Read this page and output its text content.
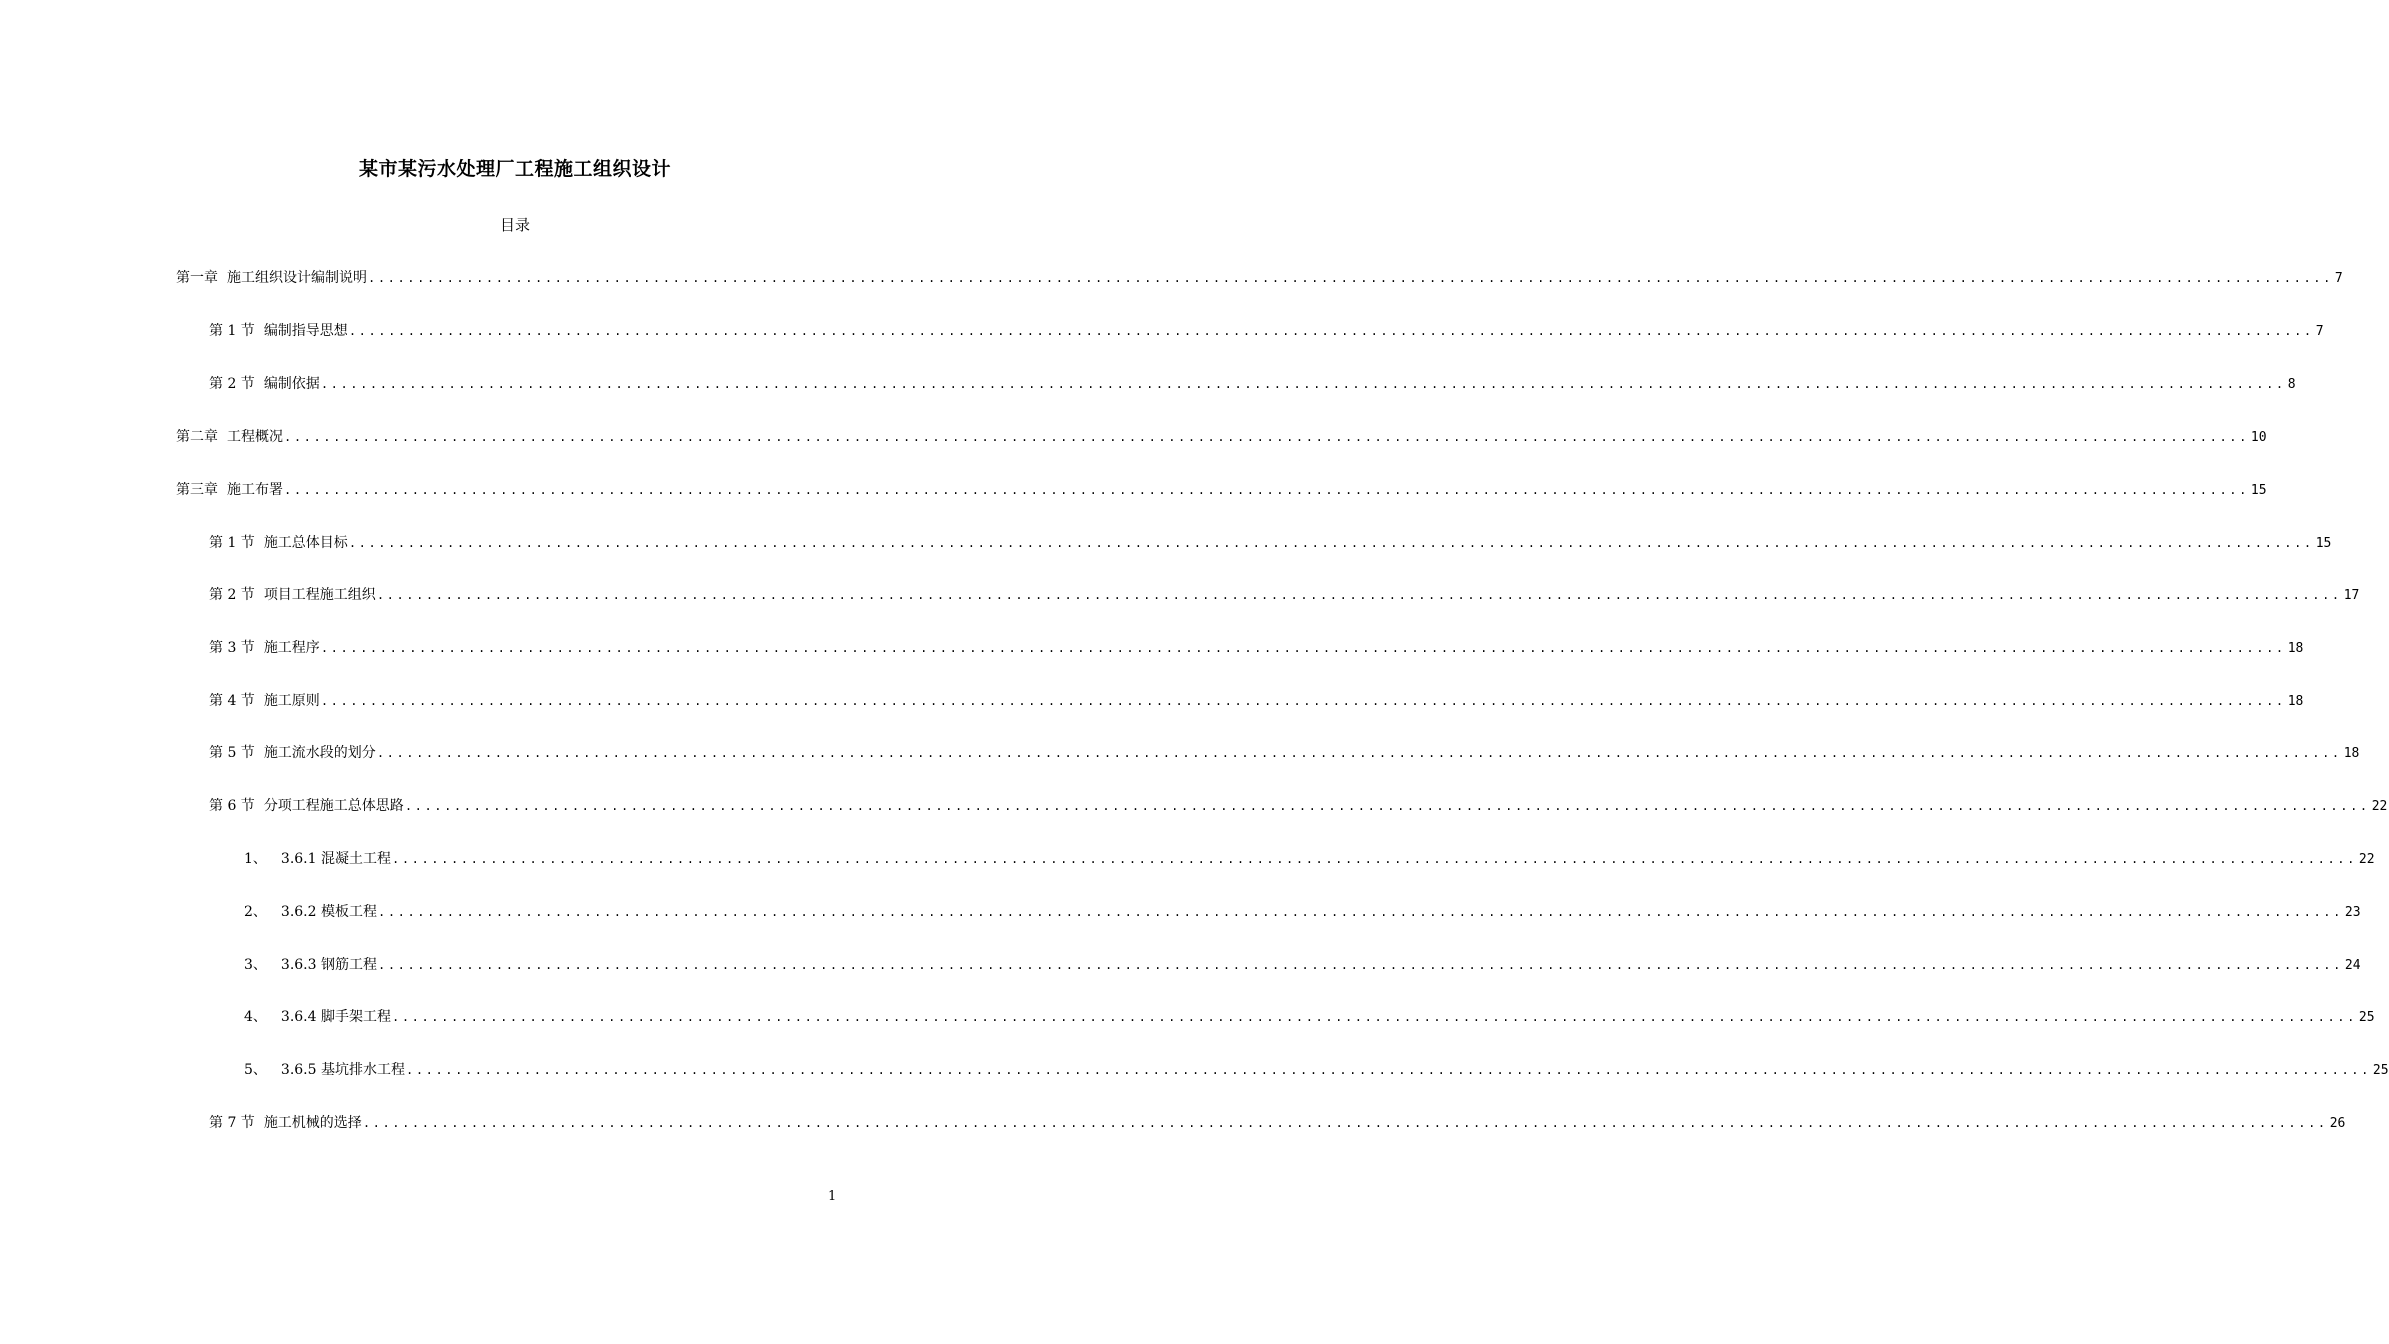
某市某污水处理厂工程施工组织设计
目录
第一章 施工组织设计编制说明 ........................................................................................................................................................................................................ 7
第 1 节 编制指导思想 ........................................................................................................................................................................................................ 7
第 2 节 编制依据 ........................................................................................................................................................................................................ 8
第二章 工程概况 ........................................................................................................................................................................................................ 10
第三章 施工布署 ........................................................................................................................................................................................................ 15
第 1 节 施工总体目标 ........................................................................................................................................................................................................ 15
第 2 节 项目工程施工组织 ........................................................................................................................................................................................................ 17
第 3 节 施工程序 ........................................................................................................................................................................................................ 18
第 4 节 施工原则 ........................................................................................................................................................................................................ 18
第 5 节 施工流水段的划分 ........................................................................................................................................................................................................ 18
第 6 节 分项工程施工总体思路 ........................................................................................................................................................................................................ 22
1、 3.6.1 混凝土工程 ........................................................................................................................................................................................................ 22
2、 3.6.2 模板工程 ........................................................................................................................................................................................................ 23
3、 3.6.3 钢筋工程 ........................................................................................................................................................................................................ 24
4、 3.6.4 脚手架工程 ........................................................................................................................................................................................................ 25
5、 3.6.5 基坑排水工程 ........................................................................................................................................................................................................ 25
第 7 节 施工机械的选择 ........................................................................................................................................................................................................ 26
1
